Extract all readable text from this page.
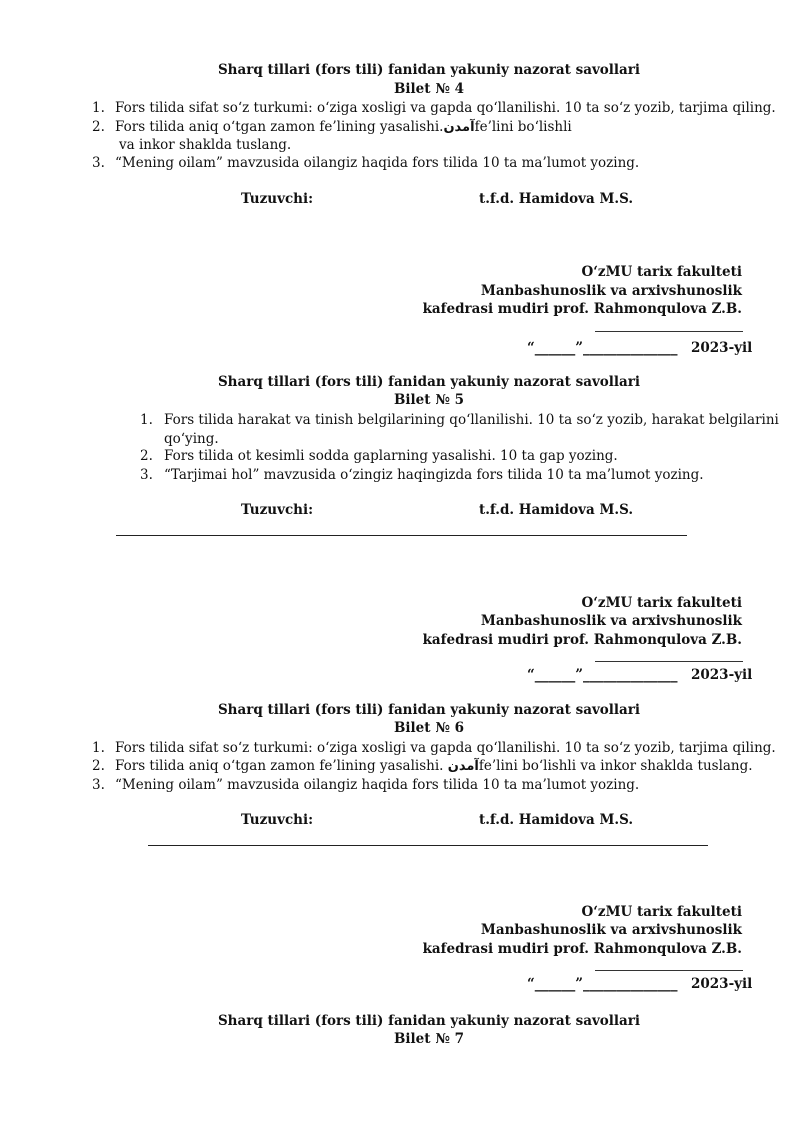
Sharq tillari (fors tili) fanidan yakuniy nazorat savollari
Bilet № 4
1. Fors tilida sifat so‘z turkumi: o‘ziga xosligi va gapda qo‘llanilishi. 10 ta so‘z yozib, tarjima qiling.
2. Fors tilida aniq o‘tgan zamon fe’lining yasalishi.آمدنfe’lini bo‘lishli
va inkor shaklda tuslang.
3. “Mening oilam” mavzusida oilangiz haqida fors tilida 10 ta ma’lumot yozing.
Tuzuvchi:	t.f.d. Hamidova M.S.
O‘zMU tarix fakulteti
Manbashunoslik va arxivshunoslik
kafedrasi mudiri prof. Rahmonqulova Z.B.
“______”______________ 2023-yil
Sharq tillari (fors tili) fanidan yakuniy nazorat savollari
Bilet № 5
1. Fors tilida harakat va tinish belgilarining qo‘llanilishi. 10 ta so‘z yozib, harakat belgilarini
qo‘ying.
2. Fors tilida ot kesimli sodda gaplarning yasalishi. 10 ta gap yozing.
3. “Tarjimai hol” mavzusida o‘zingiz haqingizda fors tilida 10 ta ma’lumot yozing.
Tuzuvchi:	t.f.d. Hamidova M.S.
O‘zMU tarix fakulteti
Manbashunoslik va arxivshunoslik
kafedrasi mudiri prof. Rahmonqulova Z.B.
“______”______________ 2023-yil
Sharq tillari (fors tili) fanidan yakuniy nazorat savollari
Bilet № 6
1. Fors tilida sifat so‘z turkumi: o‘ziga xosligi va gapda qo‘llanilishi. 10 ta so‘z yozib, tarjima qiling.
2. Fors tilida aniq o‘tgan zamon fe’lining yasalishi. آمدنfe’lini bo‘lishli va inkor shaklda tuslang.
3. “Mening oilam” mavzusida oilangiz haqida fors tilida 10 ta ma’lumot yozing.
Tuzuvchi:	t.f.d. Hamidova M.S.
O‘zMU tarix fakulteti
Manbashunoslik va arxivshunoslik
kafedrasi mudiri prof. Rahmonqulova Z.B.
“______”______________ 2023-yil
Sharq tillari (fors tili) fanidan yakuniy nazorat savollari
Bilet № 7
